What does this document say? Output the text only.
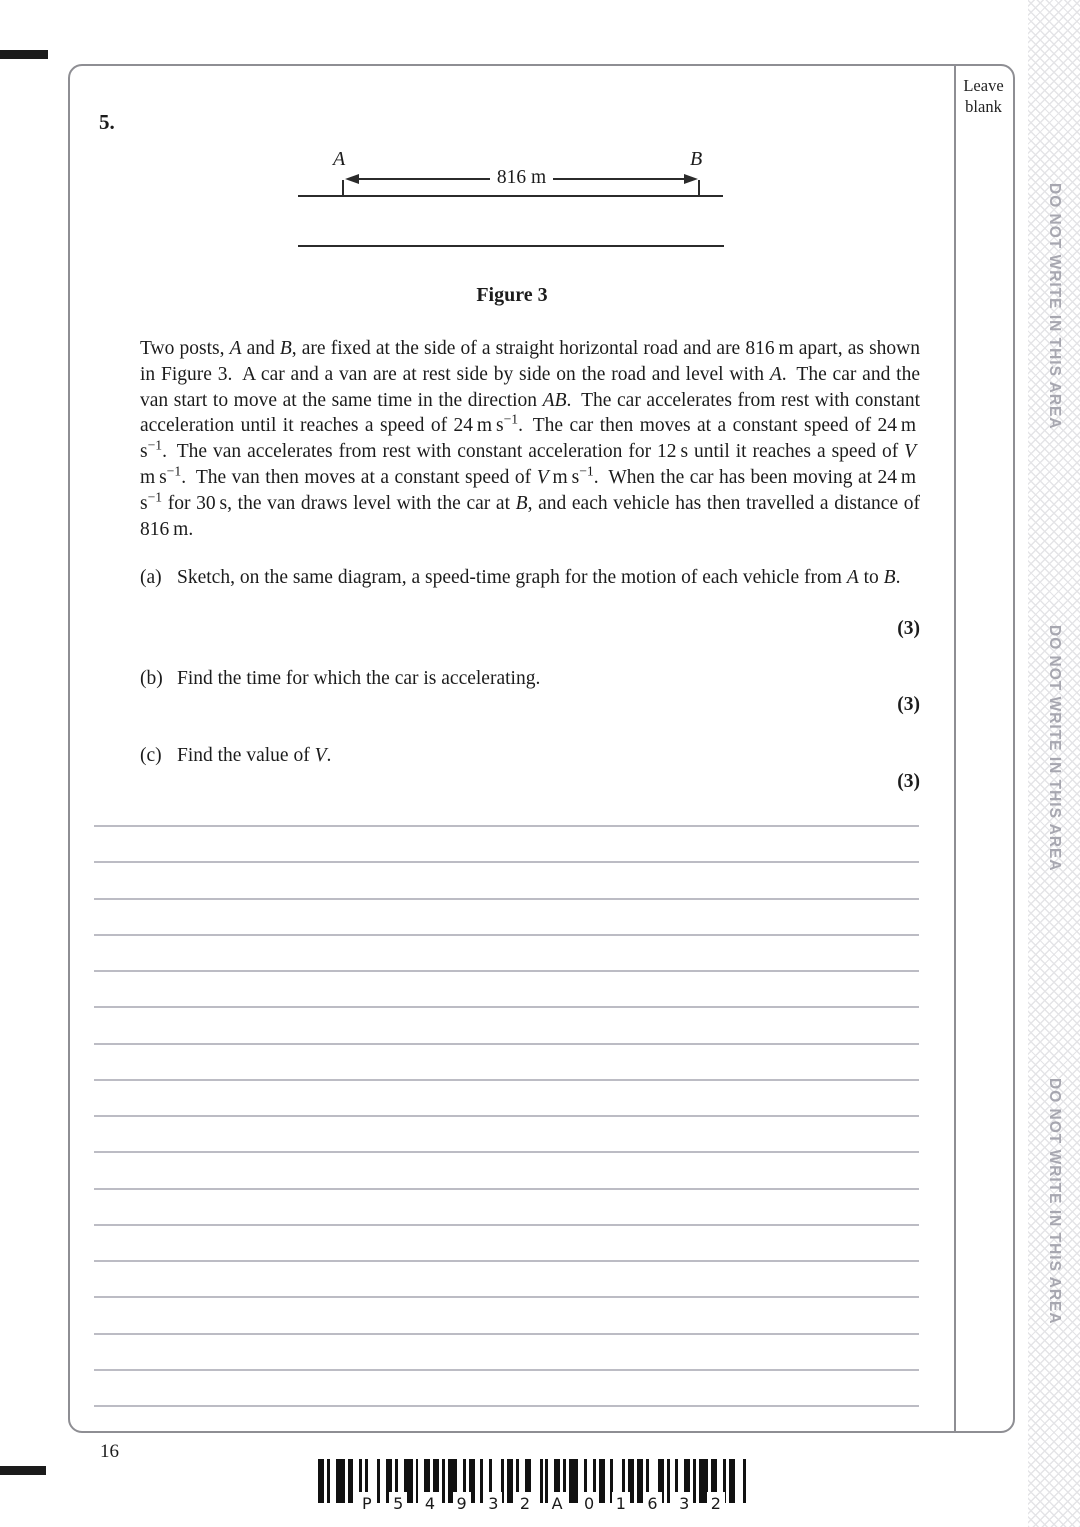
DO NOT WRITE IN THIS AREA
DO NOT WRITE IN THIS AREA
DO NOT WRITE IN THIS AREA
Leave
blank
5.
A	B
816 m
Figure 3
Two posts, A and B, are fixed at the side of a straight horizontal road and are 816 m apart, as shown in Figure 3. A car and a van are at rest side by side on the road and level with A. The car and the van start to move at the same time in the direction AB. The car accelerates from rest with constant acceleration until it reaches a speed of 24 m $s^{-1}$. The car then moves at a constant speed of 24 m $s^{-1}$. The van accelerates from rest with constant acceleration for 12 s until it reaches a speed of V m $s^{-1}$. The van then moves at a constant speed of V m $s^{-1}$. When the car has been moving at 24 m $s^{-1}$ for 30 s, the van draws level with the car at B, and each vehicle has then travelled a distance of 816 m.
(a) Sketch, on the same diagram, a speed-time graph for the motion of each vehicle from A to B.
(3)
(b) Find the time for which the car is accelerating.
(3)
(c) Find the value of V.
(3)
16
P 5 4 9 3 2 A 0 1 6 3 2
